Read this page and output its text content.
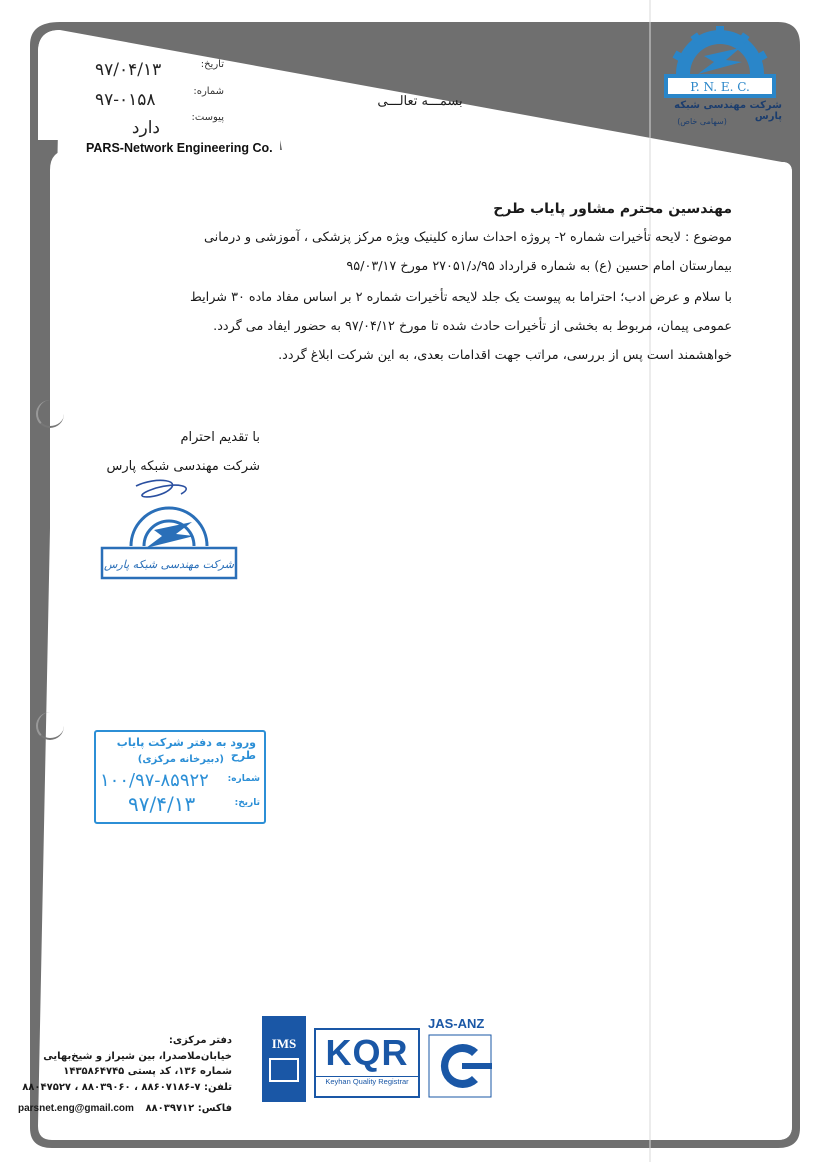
تاریخ:
شماره:
پیوست:
۹۷/۰۴/۱۳
۹۷-۰۱۵۸
دارد
PARS-Network Engineering Co.
بسمـــه تعالـــی
P. N. E. C.
شرکت مهندسی شبکه پارس
(سهامی خاص)
مهندسین محترم مشاور پایاب طرح
موضوع : لایحه تأخیرات شماره ۲- پروژه احداث سازه کلینیک ویژه مرکز پزشکی ، آموزشی و درمانی
بیمارستان امام حسین (ع) به شماره قرارداد ۹۵/د/۲۷۰۵۱ مورخ ۹۵/۰۳/۱۷
با سلام و عرض ادب؛ احتراما به پیوست یک جلد لایحه تأخیرات شماره ۲ بر اساس مفاد ماده ۳۰ شرایط
عمومی پیمان، مربوط به بخشی از تأخیرات حادث شده تا مورخ ۹۷/۰۴/۱۲ به حضور ایفاد می گردد.
خواهشمند است پس از بررسی، مراتب جهت اقدامات بعدی، به این شرکت ابلاغ گردد.
با تقدیم احترام
شرکت مهندسی شبکه پارس
شرکت مهندسی شبکه پارس
ورود به دفتر شرکت پایاب طرح
(دبیرخانه مرکزی)
شماره:
تاریخ:
۱۰۰/۹۷-۸۵۹۲۲
۹۷/۴/۱۳
دفتر مرکزی:
خیابان‌ملاصدرا، بین شیراز و شیخ‌بهایی
شماره ۱۳۶، کد پستی ۱۴۳۵۸۶۴۷۴۵
تلفن: ۷-۸۸۶۰۷۱۸۶ ، ۸۸۰۳۹۰۶۰ ، ۸۸۰۴۷۵۲۷
فاکس: ۸۸۰۳۹۷۱۲
parsnet.eng@gmail.com
IMS KQR
Keyhan Quality Registrar
JAS-ANZ
